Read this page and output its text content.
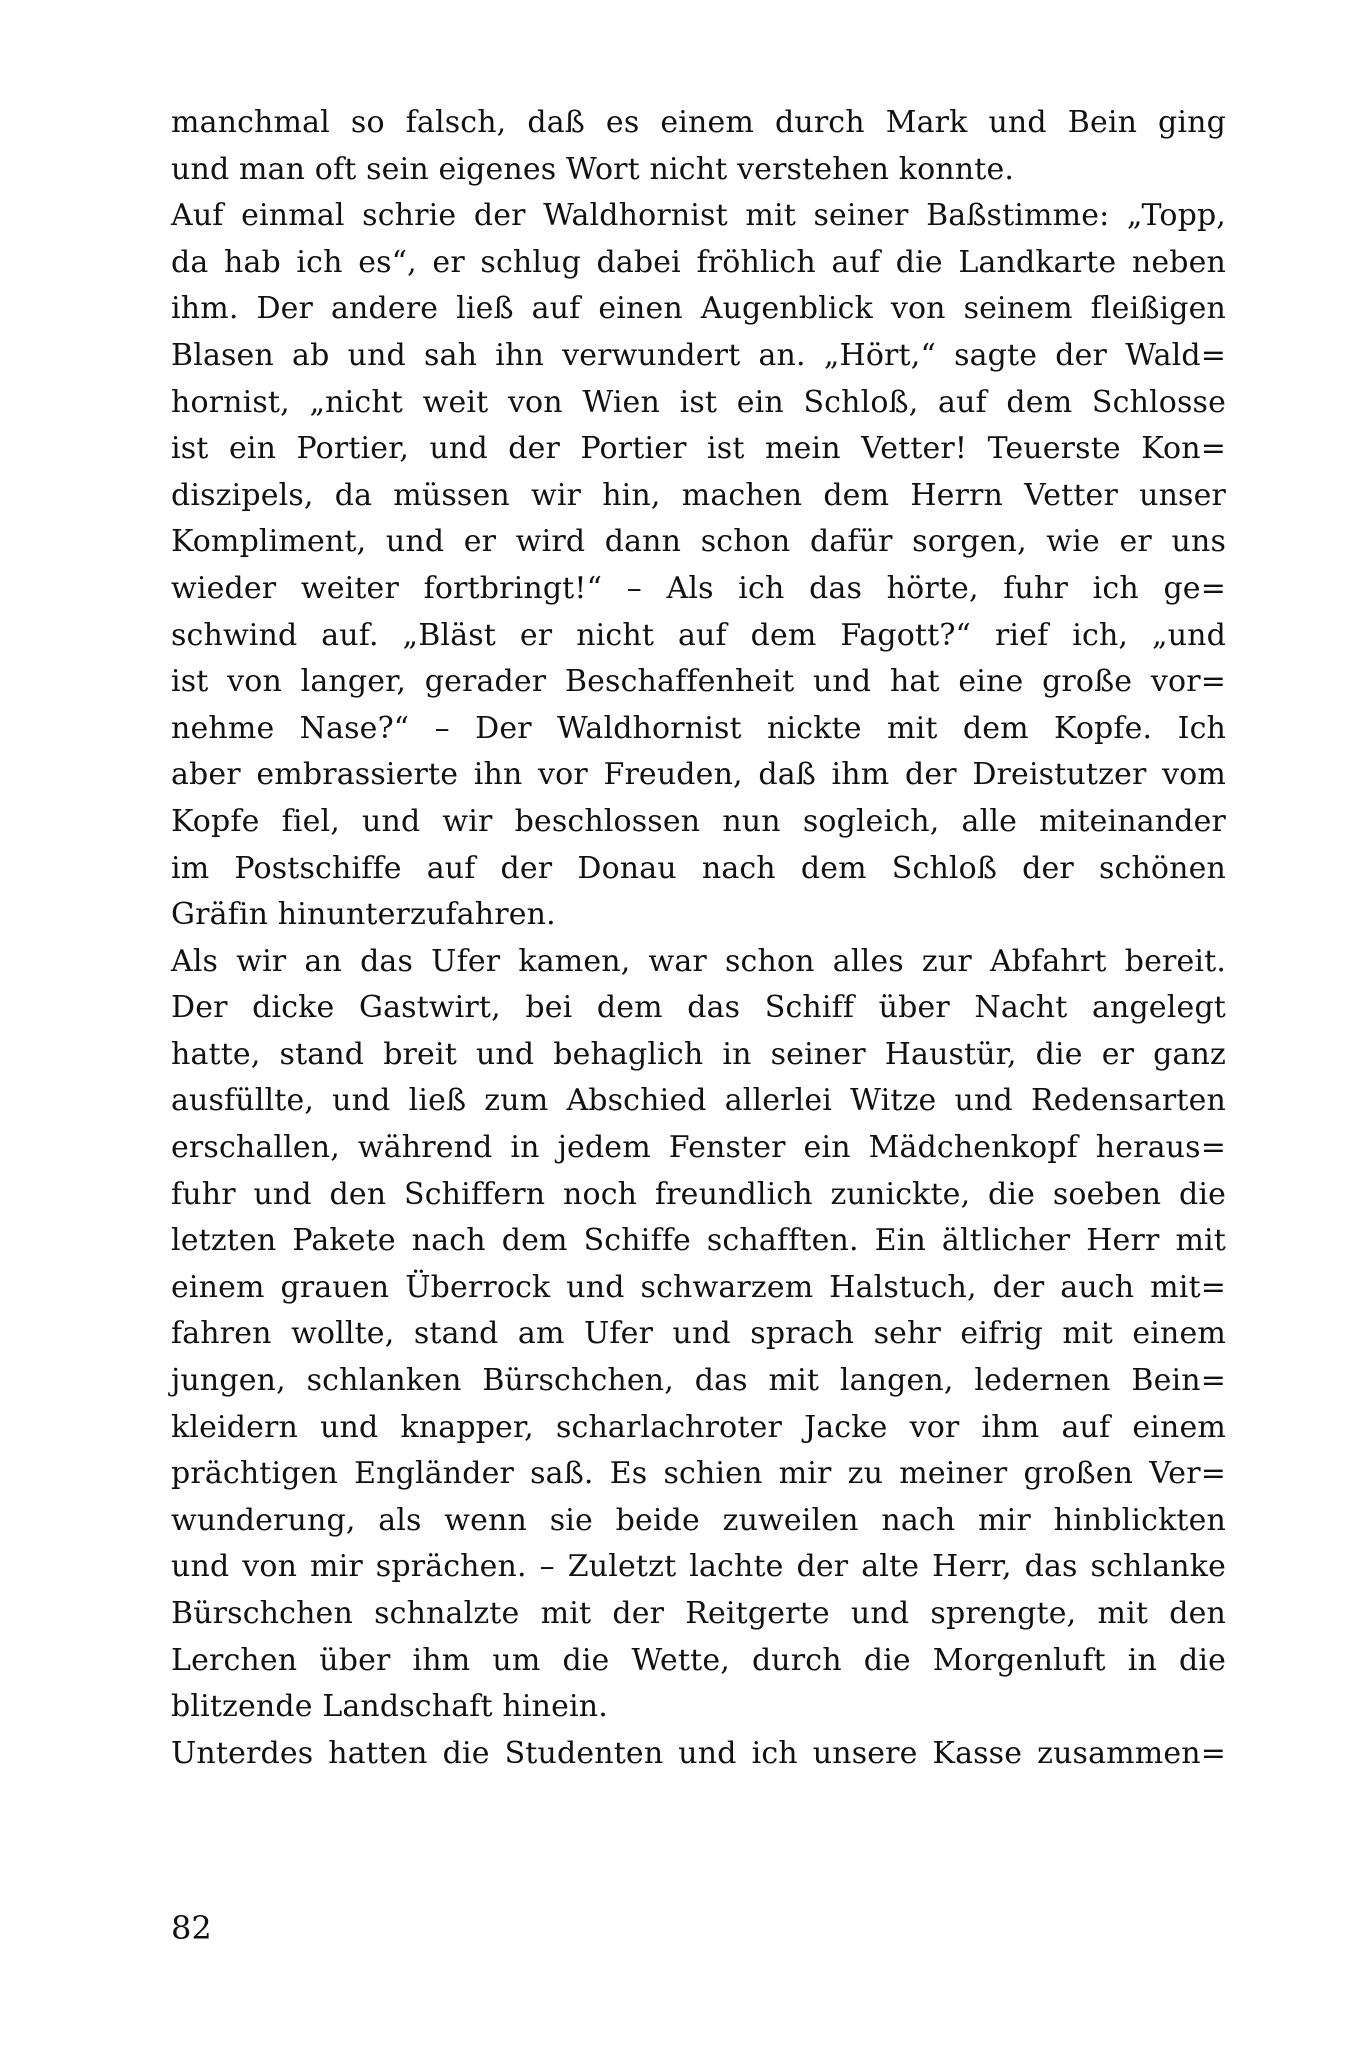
manchmal so falsch, daß es einem durch Mark und Bein ging
und man oft sein eigenes Wort nicht verstehen konnte.
Auf einmal schrie der Waldhornist mit seiner Baßstimme: „Topp,
da hab ich es“, er schlug dabei fröhlich auf die Landkarte neben
ihm. Der andere ließ auf einen Augenblick von seinem fleißigen
Blasen ab und sah ihn verwundert an. „Hört,“ sagte der Wald=
hornist, „nicht weit von Wien ist ein Schloß, auf dem Schlosse
ist ein Portier, und der Portier ist mein Vetter! Teuerste Kon=
diszipels, da müssen wir hin, machen dem Herrn Vetter unser
Kompliment, und er wird dann schon dafür sorgen, wie er uns
wieder weiter fortbringt!“ – Als ich das hörte, fuhr ich ge=
schwind auf. „Bläst er nicht auf dem Fagott?“ rief ich, „und
ist von langer, gerader Beschaffenheit und hat eine große vor=
nehme Nase?“ – Der Waldhornist nickte mit dem Kopfe. Ich
aber embrassierte ihn vor Freuden, daß ihm der Dreistutzer vom
Kopfe fiel, und wir beschlossen nun sogleich, alle miteinander
im Postschiffe auf der Donau nach dem Schloß der schönen
Gräfin hinunterzufahren.
Als wir an das Ufer kamen, war schon alles zur Abfahrt bereit.
Der dicke Gastwirt, bei dem das Schiff über Nacht angelegt
hatte, stand breit und behaglich in seiner Haustür, die er ganz
ausfüllte, und ließ zum Abschied allerlei Witze und Redensarten
erschallen, während in jedem Fenster ein Mädchenkopf heraus=
fuhr und den Schiffern noch freundlich zunickte, die soeben die
letzten Pakete nach dem Schiffe schafften. Ein ältlicher Herr mit
einem grauen Überrock und schwarzem Halstuch, der auch mit=
fahren wollte, stand am Ufer und sprach sehr eifrig mit einem
jungen, schlanken Bürschchen, das mit langen, ledernen Bein=
kleidern und knapper, scharlachroter Jacke vor ihm auf einem
prächtigen Engländer saß. Es schien mir zu meiner großen Ver=
wunderung, als wenn sie beide zuweilen nach mir hinblickten
und von mir sprächen. – Zuletzt lachte der alte Herr, das schlanke
Bürschchen schnalzte mit der Reitgerte und sprengte, mit den
Lerchen über ihm um die Wette, durch die Morgenluft in die
blitzende Landschaft hinein.
Unterdes hatten die Studenten und ich unsere Kasse zusammen=
82
